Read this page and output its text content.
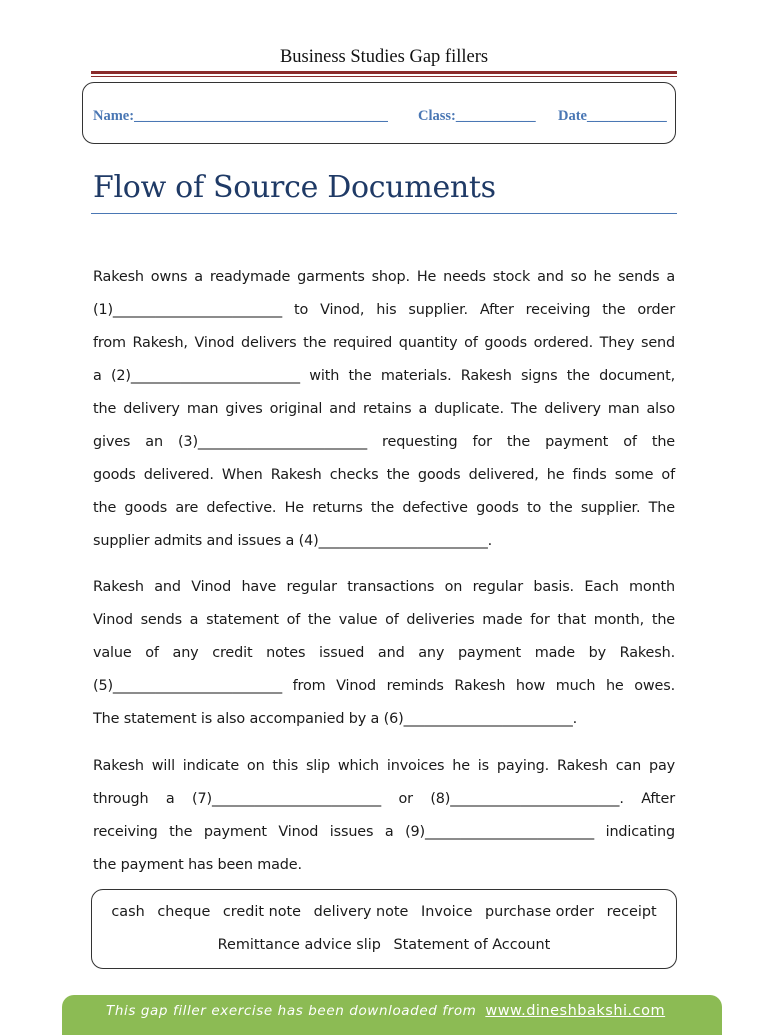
Business Studies Gap fillers
Name:___________________________________ Class:___________ Date___________
Flow of Source Documents
Rakesh owns a readymade garments shop. He needs stock and so he sends a
(1)________________________ to Vinod, his supplier. After receiving the order
from Rakesh, Vinod delivers the required quantity of goods ordered. They send
a (2)________________________ with the materials. Rakesh signs the document,
the delivery man gives original and retains a duplicate. The delivery man also
gives an (3)________________________ requesting for the payment of the
goods delivered. When Rakesh checks the goods delivered, he finds some of
the goods are defective. He returns the defective goods to the supplier. The
supplier admits and issues a (4)________________________.
Rakesh and Vinod have regular transactions on regular basis. Each month
Vinod sends a statement of the value of deliveries made for that month, the
value of any credit notes issued and any payment made by Rakesh.
(5)________________________ from Vinod reminds Rakesh how much he owes.
The statement is also accompanied by a (6)________________________.
Rakesh will indicate on this slip which invoices he is paying. Rakesh can pay
through a (7)________________________ or (8)________________________. After
receiving the payment Vinod issues a (9)________________________ indicating
the payment has been made.
cash cheque credit note delivery note Invoice purchase order receipt
Remittance advice slip Statement of Account
This gap filler exercise has been downloaded from www.dineshbakshi.com
